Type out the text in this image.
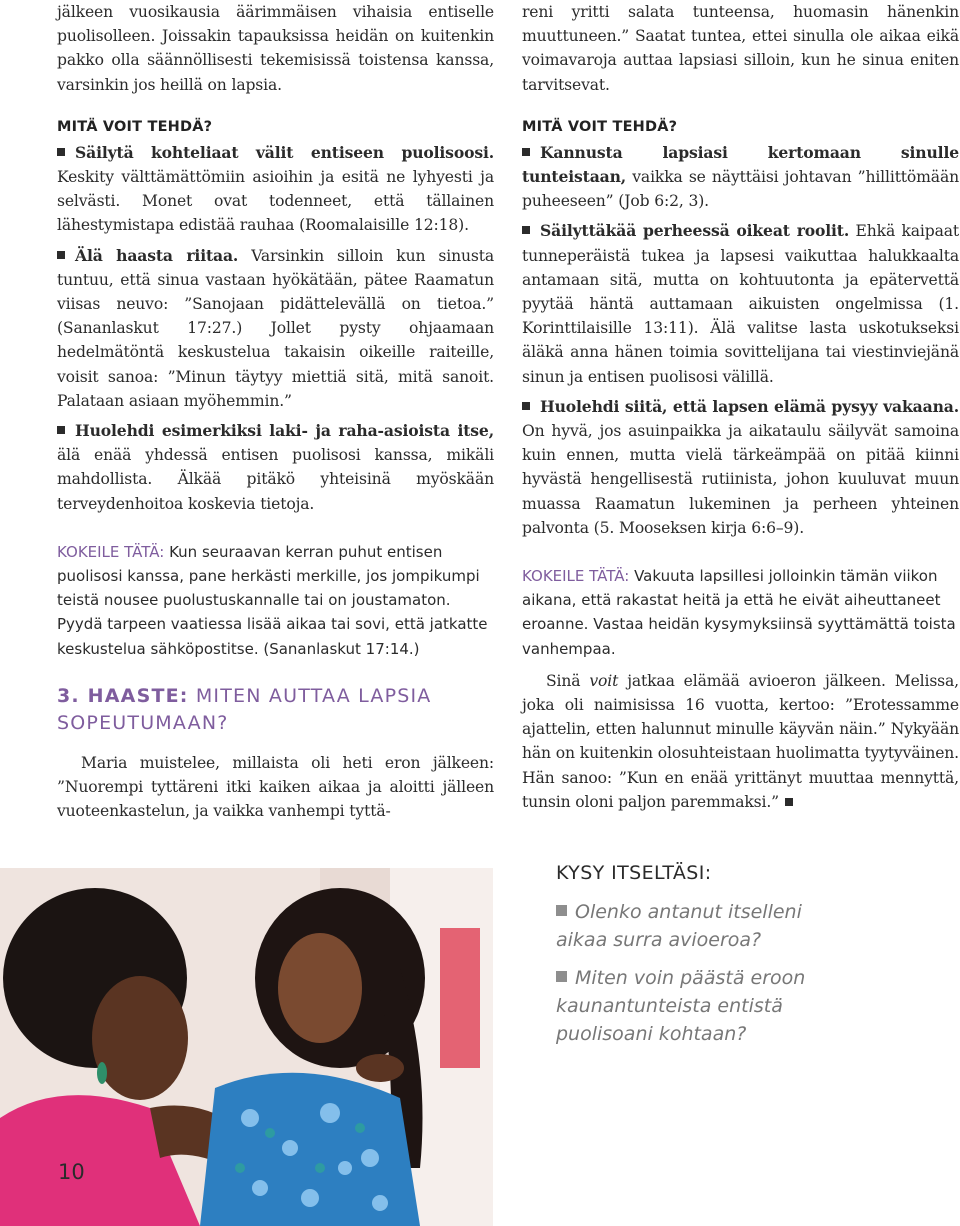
jälkeen vuosikausia äärimmäisen vihaisia entiselle puolisolleen. Joissakin tapauksissa heidän on kuitenkin pakko olla säännöllisesti tekemisissä toistensa kanssa, varsinkin jos heillä on lapsia.

MITÄ VOIT TEHDÄ?

Säilytä kohteliaat välit entiseen puolisoosi. Keskity välttämättömiin asioihin ja esitä ne lyhyesti ja selvästi. Monet ovat todenneet, että tällainen lähestymistapa edistää rauhaa (Roomalaisille 12:18).

Älä haasta riitaa. Varsinkin silloin kun sinusta tuntuu, että sinua vastaan hyökätään, pätee Raamatun viisas neuvo: ”Sanojaan pidättelevällä on tietoa.” (Sananlaskut 17:27.) Jollet pysty ohjaamaan hedelmätöntä keskustelua takaisin oikeille raiteille, voisit sanoa: ”Minun täytyy miettiä sitä, mitä sanoit. Palataan asiaan myöhemmin.”

Huolehdi esimerkiksi laki- ja raha-asioista itse, älä enää yhdessä entisen puolisosi kanssa, mikäli mahdollista. Älkää pitäkö yhteisinä myöskään terveydenhoitoa koskevia tietoja.

KOKEILE TÄTÄ: Kun seuraavan kerran puhut entisen puolisosi kanssa, pane herkästi merkille, jos jompikumpi teistä nousee puolustuskannalle tai on joustamaton. Pyydä tarpeen vaatiessa lisää aikaa tai sovi, että jatkatte keskustelua sähköpostitse. (Sananlaskut 17:14.)

3. HAASTE: MITEN AUTTAA LAPSIA SOPEUTUMAAN?

Maria muistelee, millaista oli heti eron jälkeen: ”Nuorempi tyttäreni itki kaiken aikaa ja aloitti jälleen vuoteenkastelun, ja vaikka vanhempi tyttä-

reni yritti salata tunteensa, huomasin hänenkin muuttuneen.” Saatat tuntea, ettei sinulla ole aikaa eikä voimavaroja auttaa lapsiasi silloin, kun he sinua eniten tarvitsevat.

MITÄ VOIT TEHDÄ?

Kannusta lapsiasi kertomaan sinulle tunteistaan, vaikka se näyttäisi johtavan ”hillittömään puheeseen” (Job 6:2, 3).

Säilyttäkää perheessä oikeat roolit. Ehkä kaipaat tunneperäistä tukea ja lapsesi vaikuttaa halukkaalta antamaan sitä, mutta on kohtuutonta ja epätervettä pyytää häntä auttamaan aikuisten ongelmissa (1. Korinttilaisille 13:11). Älä valitse lasta uskotukseksi äläkä anna hänen toimia sovittelijana tai viestinviejänä sinun ja entisen puolisosi välillä.

Huolehdi siitä, että lapsen elämä pysyy vakaana. On hyvä, jos asuinpaikka ja aikataulu säilyvät samoina kuin ennen, mutta vielä tärkeämpää on pitää kiinni hyvästä hengellisestä rutiinista, johon kuuluvat muun muassa Raamatun lukeminen ja perheen yhteinen palvonta (5. Mooseksen kirja 6:6–9).

KOKEILE TÄTÄ: Vakuuta lapsillesi jolloinkin tämän viikon aikana, että rakastat heitä ja että he eivät aiheuttaneet eroanne. Vastaa heidän kysymyksiinsä syyttämättä toista vanhempaa.

Sinä voit jatkaa elämää avioeron jälkeen. Melissa, joka oli naimisissa 16 vuotta, kertoo: ”Erotessamme ajattelin, etten halunnut minulle käyvän näin.” Nykyään hän on kuitenkin olosuhteistaan huolimatta tyytyväinen. Hän sanoo: ”Kun en enää yrittänyt muuttaa mennyttä, tunsin oloni paljon paremmaksi.”

10
KYSY ITSELTÄSI:
Olenko antanut itselleni aikaa surra avioeroa?
Miten voin päästä eroon kaunantunteista entistä puolisoani kohtaan?
